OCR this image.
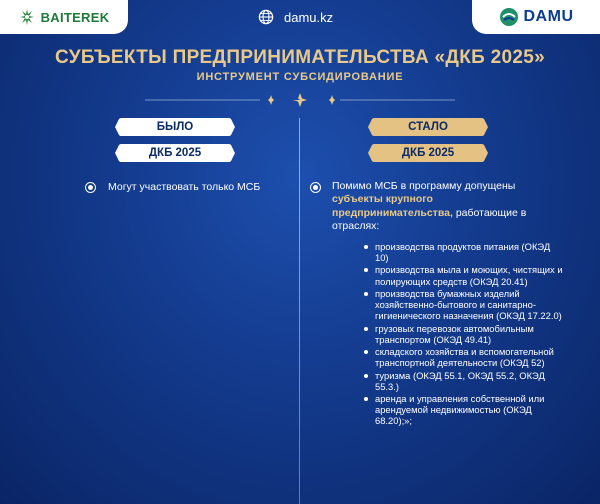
BAITEREK	damu.kz	DAMU
СУБЪЕКТЫ ПРЕДПРИНИМАТЕЛЬСТВА «ДКБ 2025»
ИНСТРУМЕНТ СУБСИДИРОВАНИЕ
БЫЛО
ДКБ 2025
СТАЛО
ДКБ 2025
Могут участвовать только МСБ	Помимо МСБ в программу допущены субъекты крупного предпринимательства, работающие в отраслях:
производства продуктов питания (ОКЭД 10)
производства мыла и моющих, чистящих и полирующих средств (ОКЭД 20.41)
производства бумажных изделий хозяйственно-бытового и санитарно-гигиенического назначения (ОКЭД 17.22.0)
грузовых перевозок автомобильным транспортом (ОКЭД 49.41)
складского хозяйства и вспомогательной транспортной деятельности (ОКЭД 52)
туризма (ОКЭД 55.1, ОКЭД 55.2, ОКЭД 55.3.)
аренда и управления собственной или арендуемой недвижимостью (ОКЭД 68.20);»;
